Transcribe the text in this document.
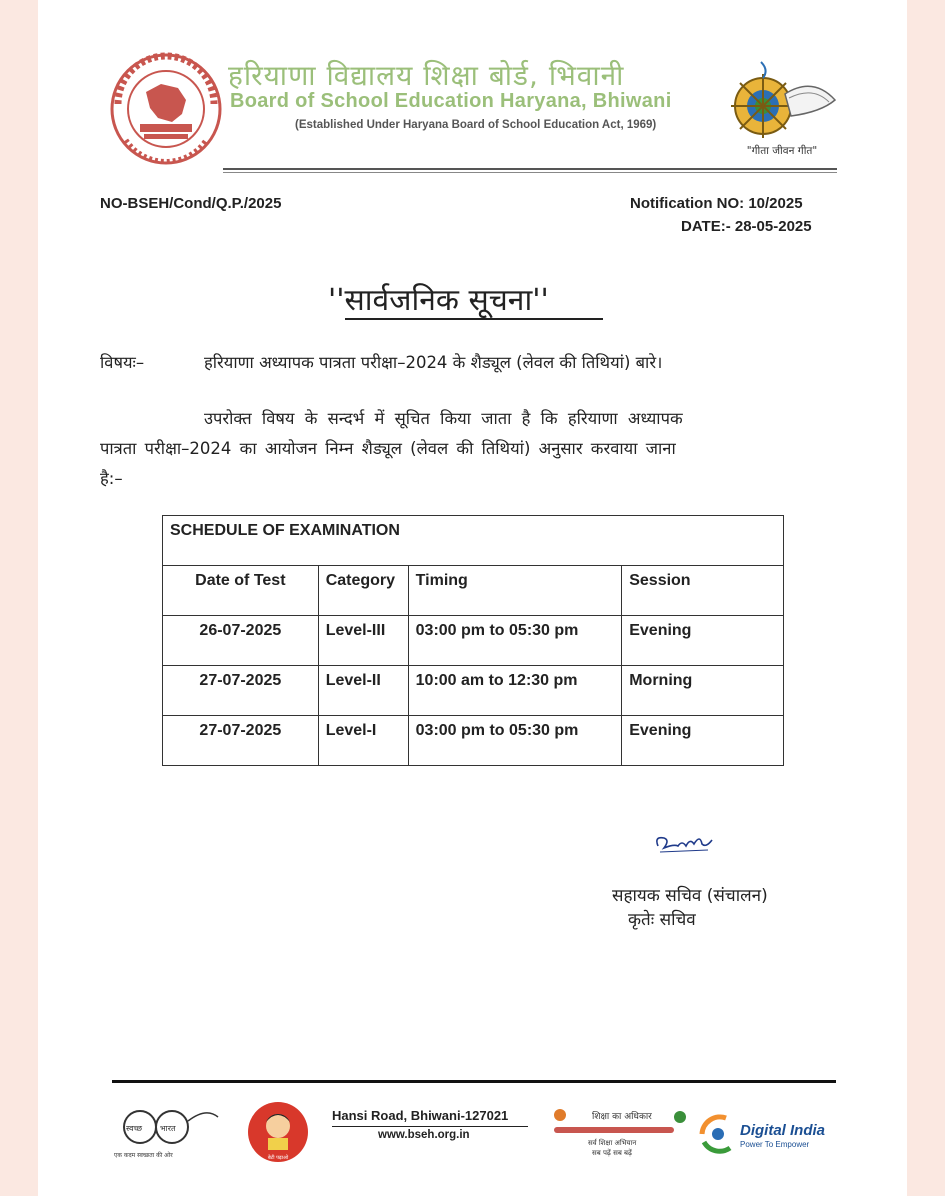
हरियाणा विद्यालय शिक्षा बोर्ड, भिवानी
Board of School Education Haryana, Bhiwani
(Established Under Haryana Board of School Education Act, 1969)
"गीता जीवन गीत"
NO-BSEH/Cond/Q.P./2025	Notification NO: 10/2025
DATE:- 28-05-2025
''सार्वजनिक सूचना''
विषयः–	हरियाणा अध्यापक पात्रता परीक्षा–2024 के शैड्यूल (लेवल की तिथियां) बारे।
उपरोक्त विषय के सन्दर्भ में सूचित किया जाता है कि हरियाणा अध्यापक
पात्रता परीक्षा–2024 का आयोजन निम्न शैड्यूल (लेवल की तिथियां) अनुसार करवाया जाना
है:–
SCHEDULE OF EXAMINATION			
Date of Test	Category	Timing	Session
26-07-2025	Level-III	03:00 pm to 05:30 pm	Evening
27-07-2025	Level-II	10:00 am to 12:30 pm	Morning
27-07-2025	Level-I	03:00 pm to 05:30 pm	Evening
सहायक सचिव (संचालन)
कृतेः सचिव
स्वच्छ भारत
एक कदम स्वच्छता की ओर	बेटी पढ़ाओ
Hansi Road, Bhiwani-127021
www.bseh.org.in
शिक्षा का अधिकार
सर्व शिक्षा अभियान
सब पढ़ें सब बढ़ें
Digital India
Power To Empower
